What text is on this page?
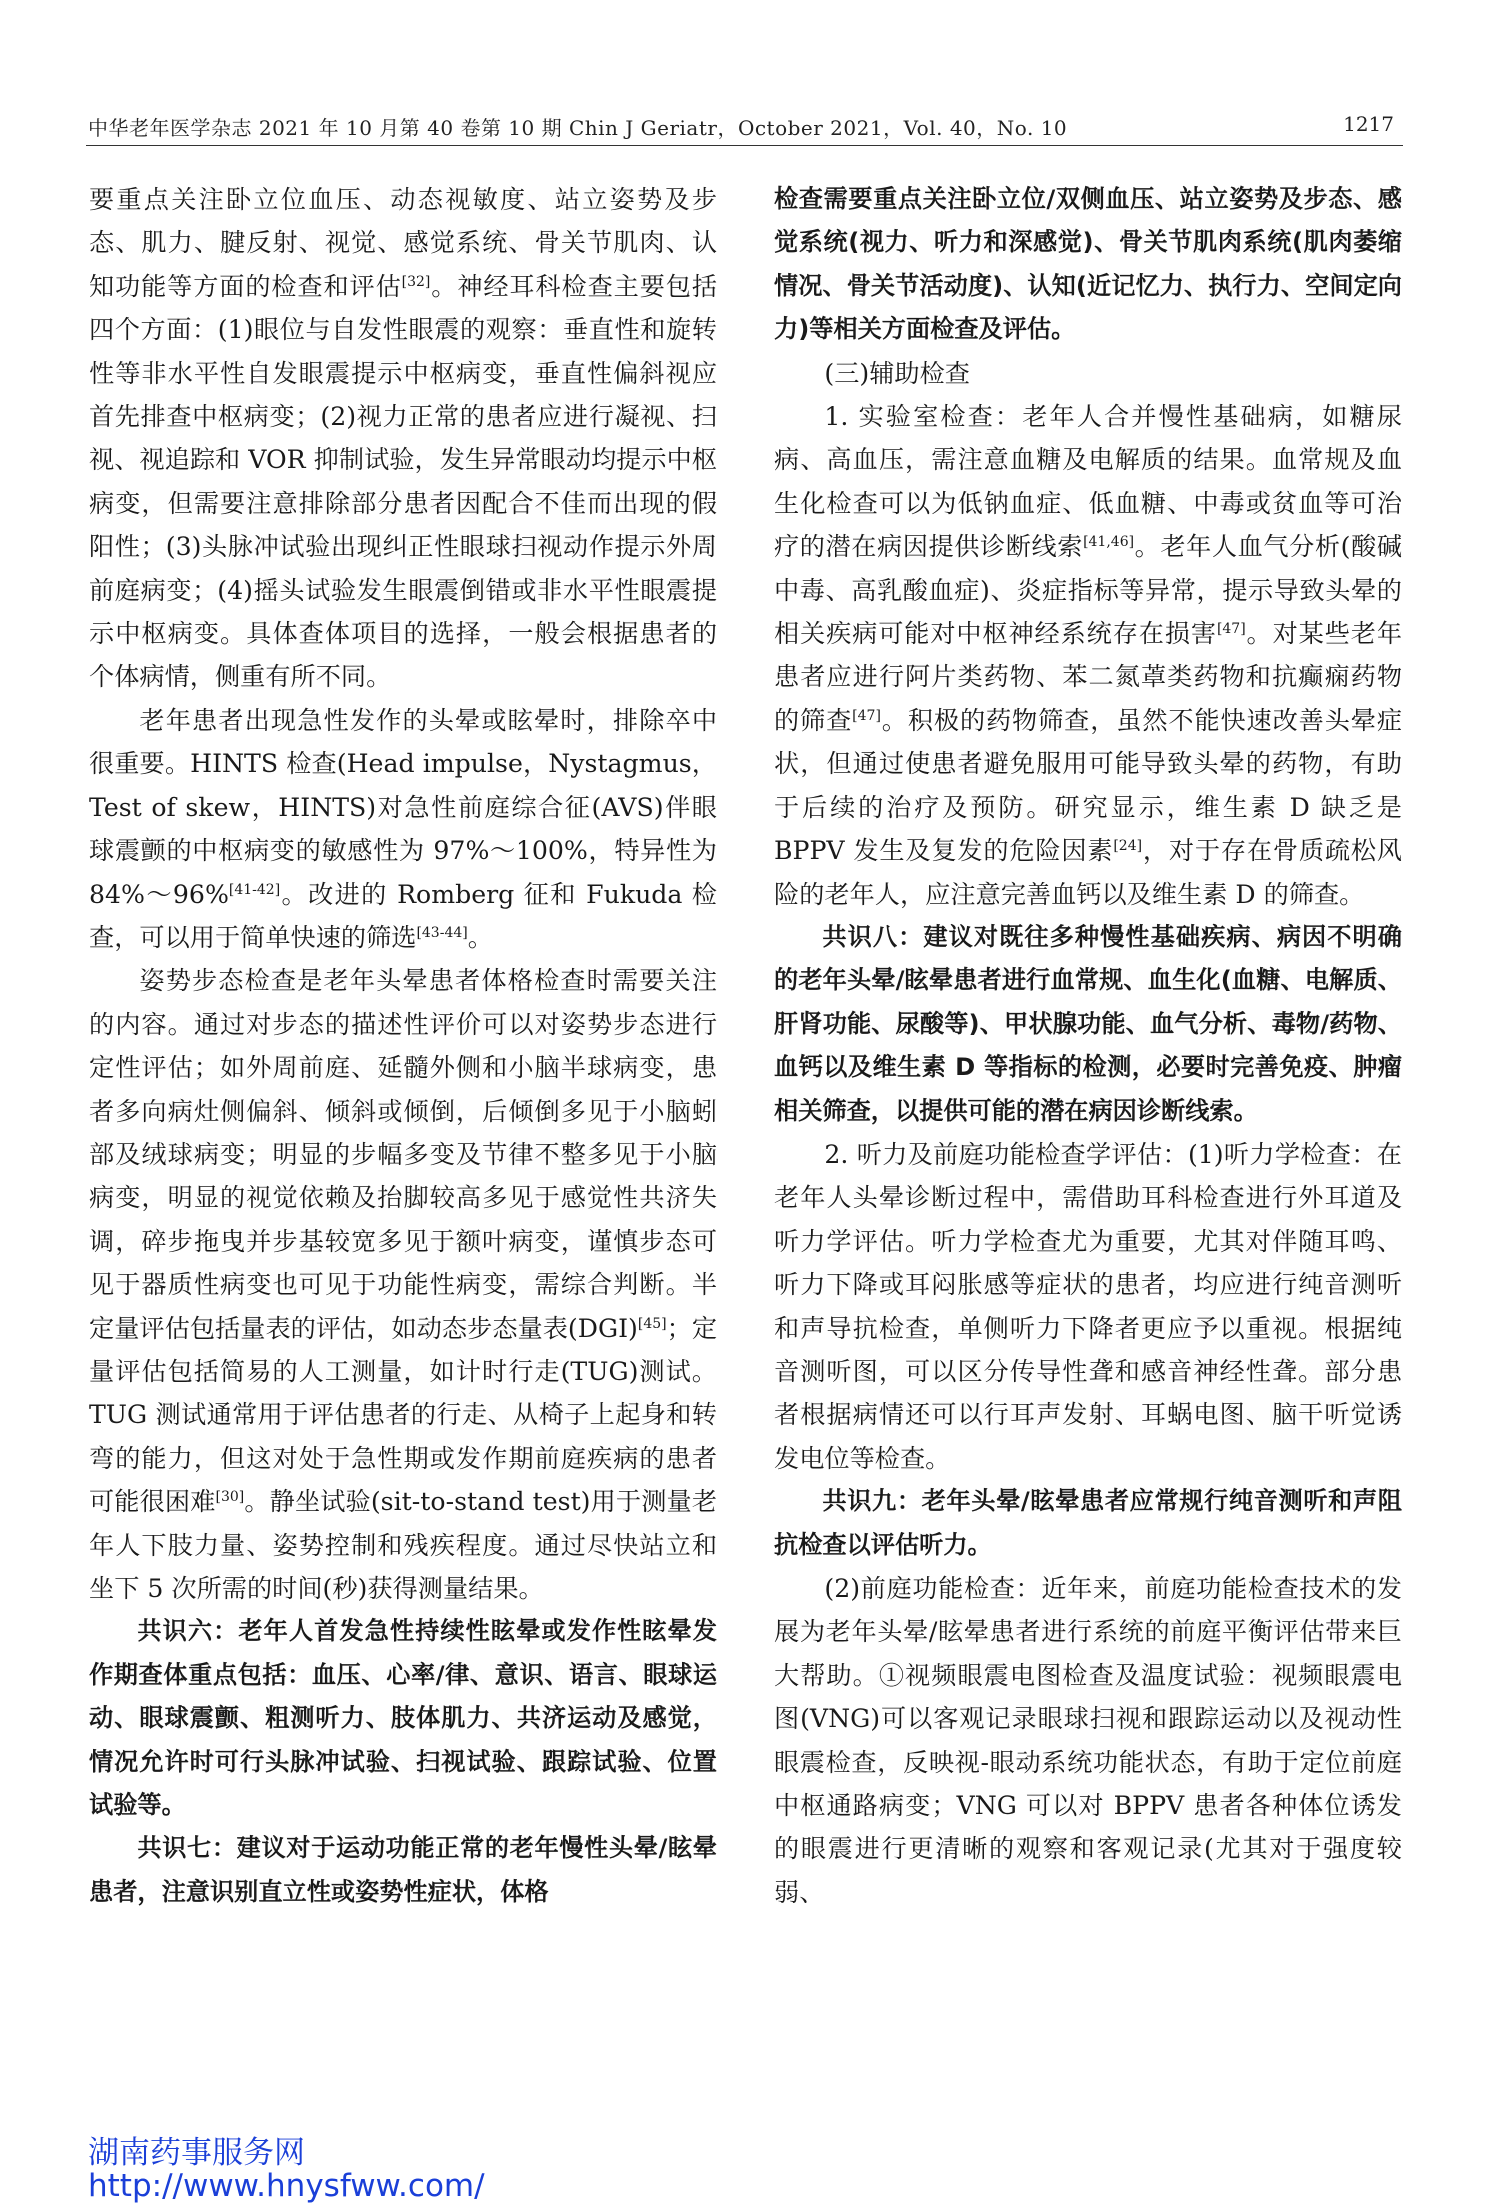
中华老年医学杂志 2021 年 10 月第 40 卷第 10 期 Chin J Geriatr，October 2021，Vol. 40，No. 10	1217

要重点关注卧立位血压、动态视敏度、站立姿势及步态、肌力、腱反射、视觉、感觉系统、骨关节肌肉、认知功能等方面的检查和评估[32]。神经耳科检查主要包括四个方面：(1)眼位与自发性眼震的观察：垂直性和旋转性等非水平性自发眼震提示中枢病变，垂直性偏斜视应首先排查中枢病变；(2)视力正常的患者应进行凝视、扫视、视追踪和 VOR 抑制试验，发生异常眼动均提示中枢病变，但需要注意排除部分患者因配合不佳而出现的假阳性；(3)头脉冲试验出现纠正性眼球扫视动作提示外周前庭病变；(4)摇头试验发生眼震倒错或非水平性眼震提示中枢病变。具体查体项目的选择，一般会根据患者的个体病情，侧重有所不同。

老年患者出现急性发作的头晕或眩晕时，排除卒中很重要。HINTS 检查(Head impulse，Nystagmus，Test of skew，HINTS)对急性前庭综合征(AVS)伴眼球震颤的中枢病变的敏感性为 97%～100%，特异性为 84%～96%[41-42]。改进的 Romberg 征和 Fukuda 检查，可以用于简单快速的筛选[43-44]。

姿势步态检查是老年头晕患者体格检查时需要关注的内容。通过对步态的描述性评价可以对姿势步态进行定性评估；如外周前庭、延髓外侧和小脑半球病变，患者多向病灶侧偏斜、倾斜或倾倒，后倾倒多见于小脑蚓部及绒球病变；明显的步幅多变及节律不整多见于小脑病变，明显的视觉依赖及抬脚较高多见于感觉性共济失调，碎步拖曳并步基较宽多见于额叶病变，谨慎步态可见于器质性病变也可见于功能性病变，需综合判断。半定量评估包括量表的评估，如动态步态量表(DGI)[45]；定量评估包括简易的人工测量，如计时行走(TUG)测试。TUG 测试通常用于评估患者的行走、从椅子上起身和转弯的能力，但这对处于急性期或发作期前庭疾病的患者可能很困难[30]。静坐试验(sit-to-stand test)用于测量老年人下肢力量、姿势控制和残疾程度。通过尽快站立和坐下 5 次所需的时间(秒)获得测量结果。

共识六：老年人首发急性持续性眩晕或发作性眩晕发作期查体重点包括：血压、心率/律、意识、语言、眼球运动、眼球震颤、粗测听力、肢体肌力、共济运动及感觉，情况允许时可行头脉冲试验、扫视试验、跟踪试验、位置试验等。

共识七：建议对于运动功能正常的老年慢性头晕/眩晕患者，注意识别直立性或姿势性症状，体格

检查需要重点关注卧立位/双侧血压、站立姿势及步态、感觉系统(视力、听力和深感觉)、骨关节肌肉系统(肌肉萎缩情况、骨关节活动度)、认知(近记忆力、执行力、空间定向力)等相关方面检查及评估。

(三)辅助检查

1. 实验室检查：老年人合并慢性基础病，如糖尿病、高血压，需注意血糖及电解质的结果。血常规及血生化检查可以为低钠血症、低血糖、中毒或贫血等可治疗的潜在病因提供诊断线索[41,46]。老年人血气分析(酸碱中毒、高乳酸血症)、炎症指标等异常，提示导致头晕的相关疾病可能对中枢神经系统存在损害[47]。对某些老年患者应进行阿片类药物、苯二氮䓬类药物和抗癫痫药物的筛查[47]。积极的药物筛查，虽然不能快速改善头晕症状，但通过使患者避免服用可能导致头晕的药物，有助于后续的治疗及预防。研究显示，维生素 D 缺乏是 BPPV 发生及复发的危险因素[24]，对于存在骨质疏松风险的老年人，应注意完善血钙以及维生素 D 的筛查。

共识八：建议对既往多种慢性基础疾病、病因不明确的老年头晕/眩晕患者进行血常规、血生化(血糖、电解质、肝肾功能、尿酸等)、甲状腺功能、血气分析、毒物/药物、血钙以及维生素 D 等指标的检测，必要时完善免疫、肿瘤相关筛查，以提供可能的潜在病因诊断线索。

2. 听力及前庭功能检查学评估：(1)听力学检查：在老年人头晕诊断过程中，需借助耳科检查进行外耳道及听力学评估。听力学检查尤为重要，尤其对伴随耳鸣、听力下降或耳闷胀感等症状的患者，均应进行纯音测听和声导抗检查，单侧听力下降者更应予以重视。根据纯音测听图，可以区分传导性聋和感音神经性聋。部分患者根据病情还可以行耳声发射、耳蜗电图、脑干听觉诱发电位等检查。

共识九：老年头晕/眩晕患者应常规行纯音测听和声阻抗检查以评估听力。

(2)前庭功能检查：近年来，前庭功能检查技术的发展为老年头晕/眩晕患者进行系统的前庭平衡评估带来巨大帮助。①视频眼震电图检查及温度试验：视频眼震电图(VNG)可以客观记录眼球扫视和跟踪运动以及视动性眼震检查，反映视-眼动系统功能状态，有助于定位前庭中枢通路病变；VNG 可以对 BPPV 患者各种体位诱发的眼震进行更清晰的观察和客观记录(尤其对于强度较弱、

湖南药事服务网
http://www.hnysfww.com/
